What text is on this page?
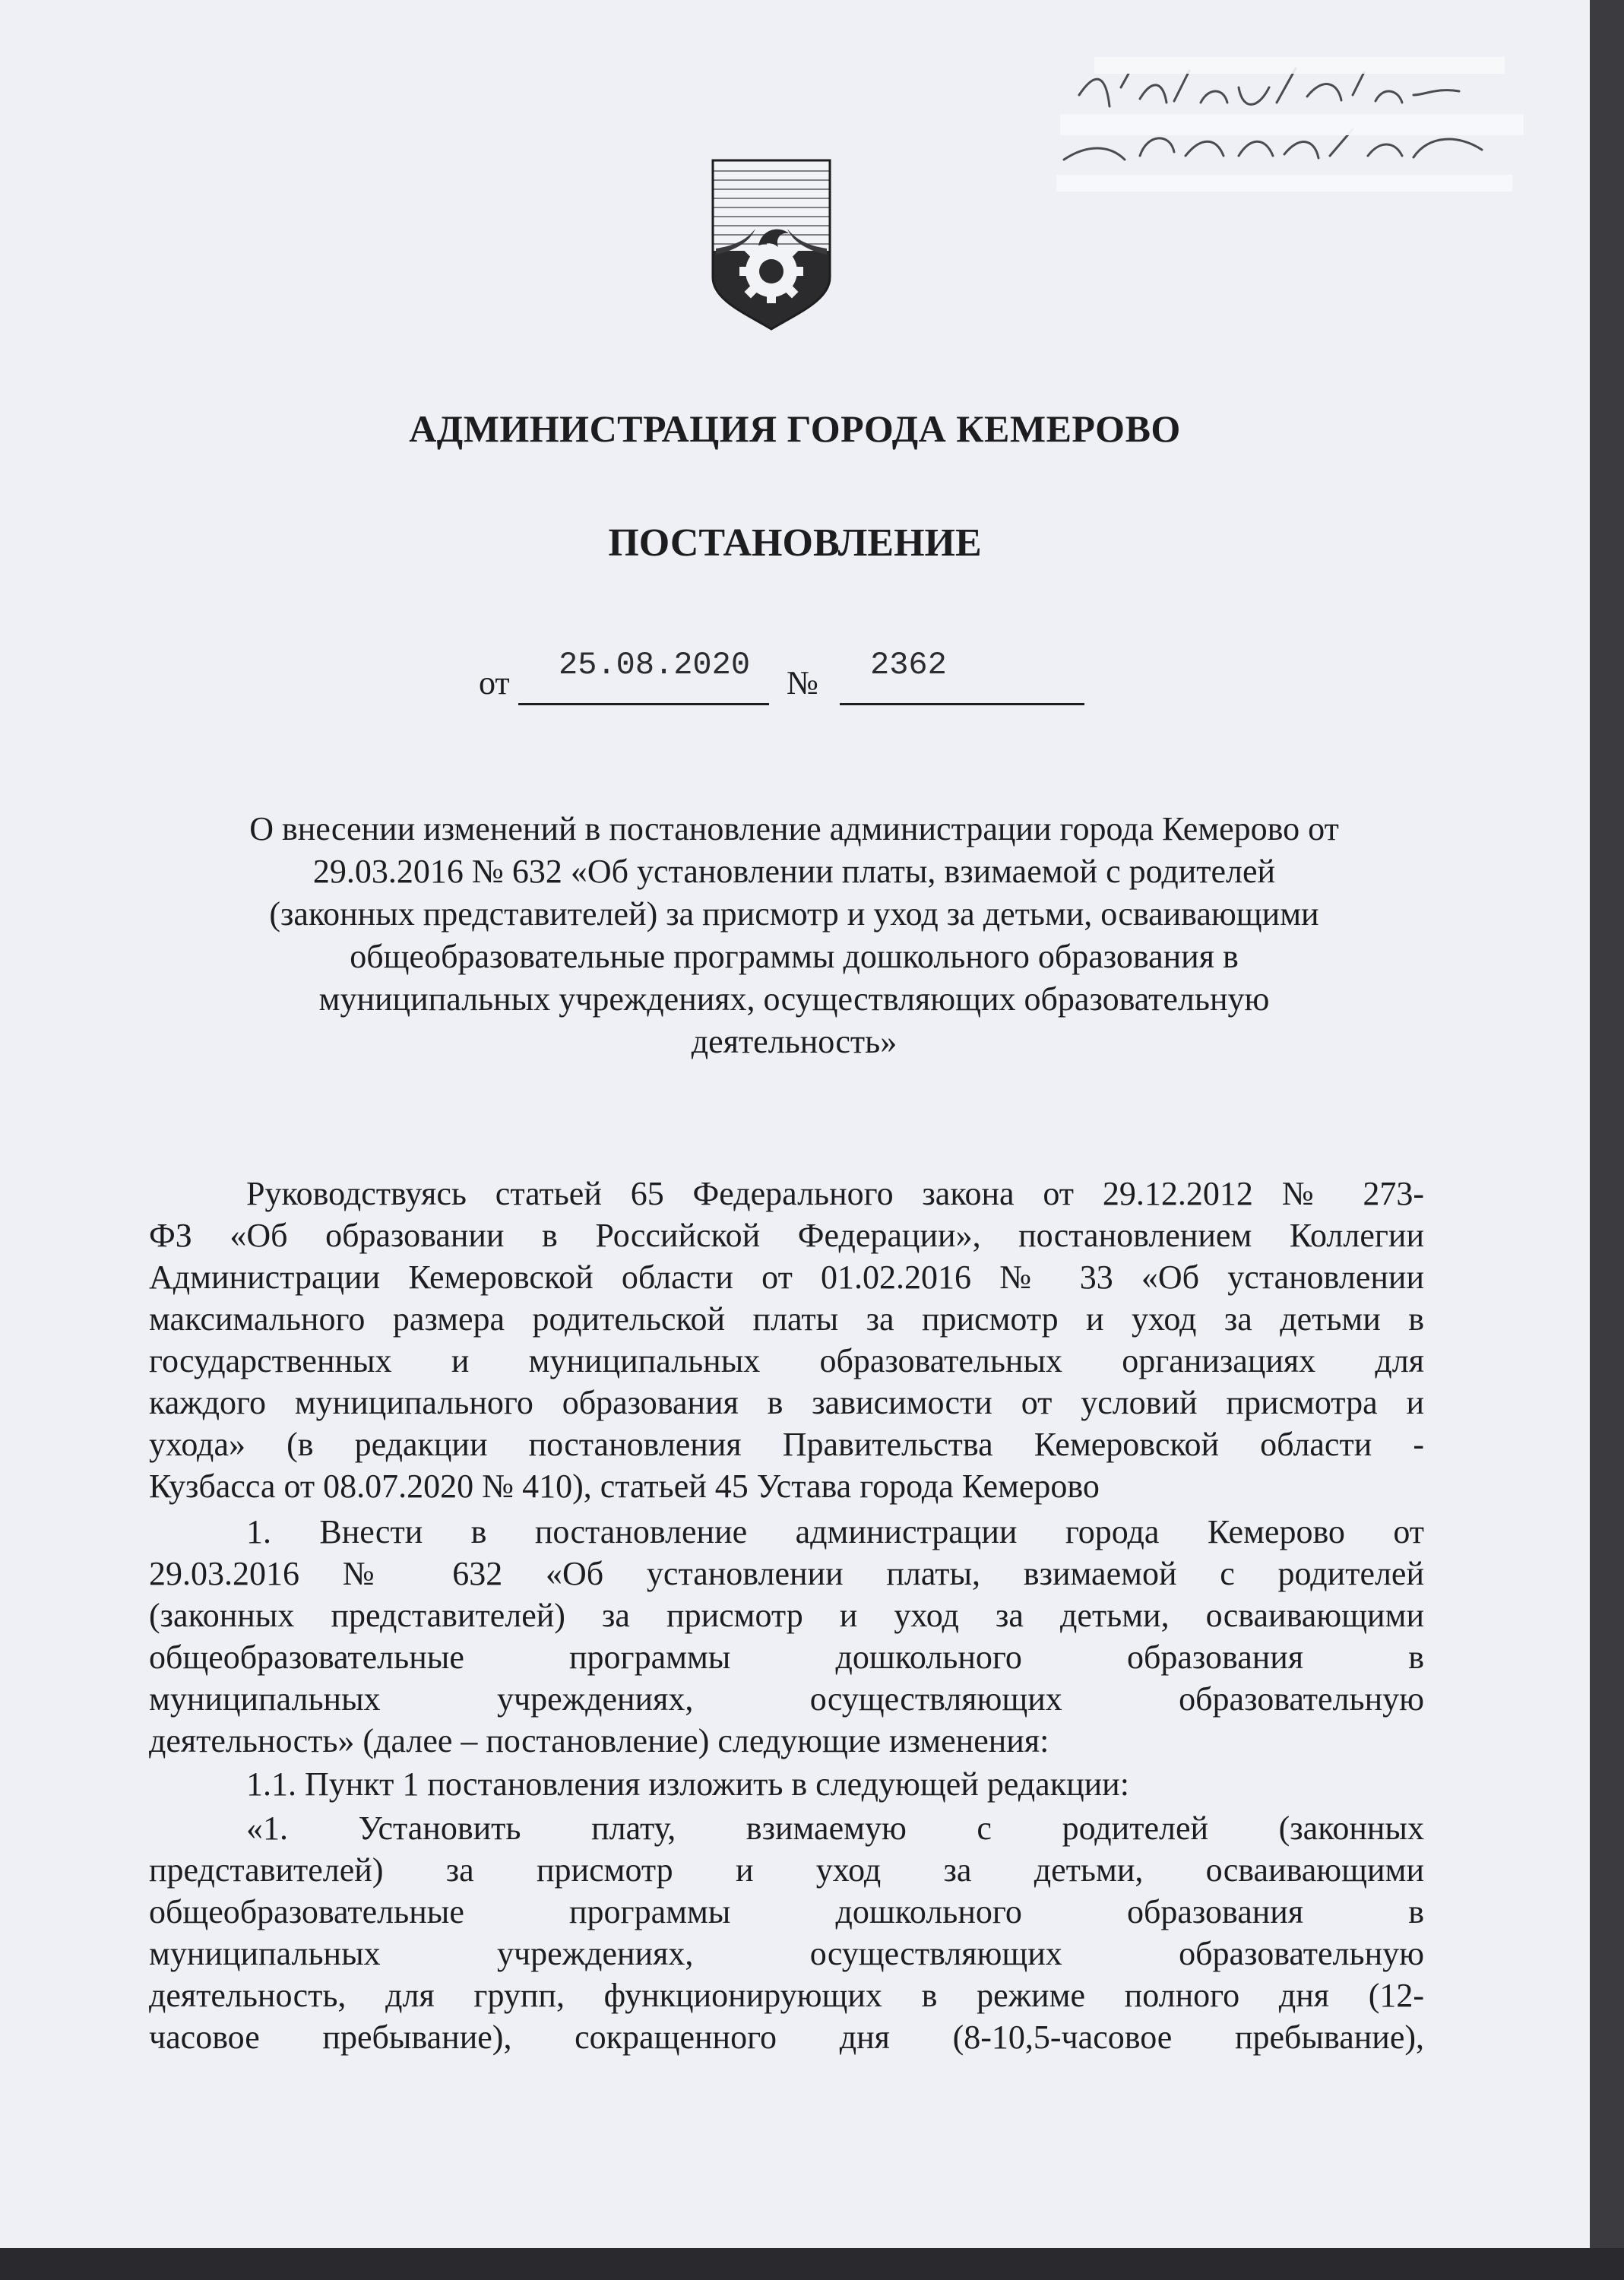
АДМИНИСТРАЦИЯ ГОРОДА КЕМЕРОВО
ПОСТАНОВЛЕНИЕ
от 25.08.2020 № 2362
О внесении изменений в постановление администрации города Кемерово от
29.03.2016 № 632 «Об установлении платы, взимаемой с родителей
(законных представителей) за присмотр и уход за детьми, осваивающими
общеобразовательные программы дошкольного образования в
муниципальных учреждениях, осуществляющих образовательную
деятельность»
Руководствуясь статьей 65 Федерального закона от 29.12.2012 № 273-
ФЗ «Об образовании в Российской Федерации», постановлением Коллегии
Администрации Кемеровской области от 01.02.2016 № 33 «Об установлении
максимального размера родительской платы за присмотр и уход за детьми в
государственных и муниципальных образовательных организациях для
каждого муниципального образования в зависимости от условий присмотра и
ухода» (в редакции постановления Правительства Кемеровской области -
Кузбасса от 08.07.2020 № 410), статьей 45 Устава города Кемерово
1. Внести в постановление администрации города Кемерово от
29.03.2016 № 632 «Об установлении платы, взимаемой с родителей
(законных представителей) за присмотр и уход за детьми, осваивающими
общеобразовательные программы дошкольного образования в
муниципальных учреждениях, осуществляющих образовательную
деятельность» (далее – постановление) следующие изменения:
1.1. Пункт 1 постановления изложить в следующей редакции:
«1. Установить плату, взимаемую с родителей (законных
представителей) за присмотр и уход за детьми, осваивающими
общеобразовательные программы дошкольного образования в
муниципальных учреждениях, осуществляющих образовательную
деятельность, для групп, функционирующих в режиме полного дня (12-
часовое пребывание), сокращенного дня (8-10,5-часовое пребывание),
